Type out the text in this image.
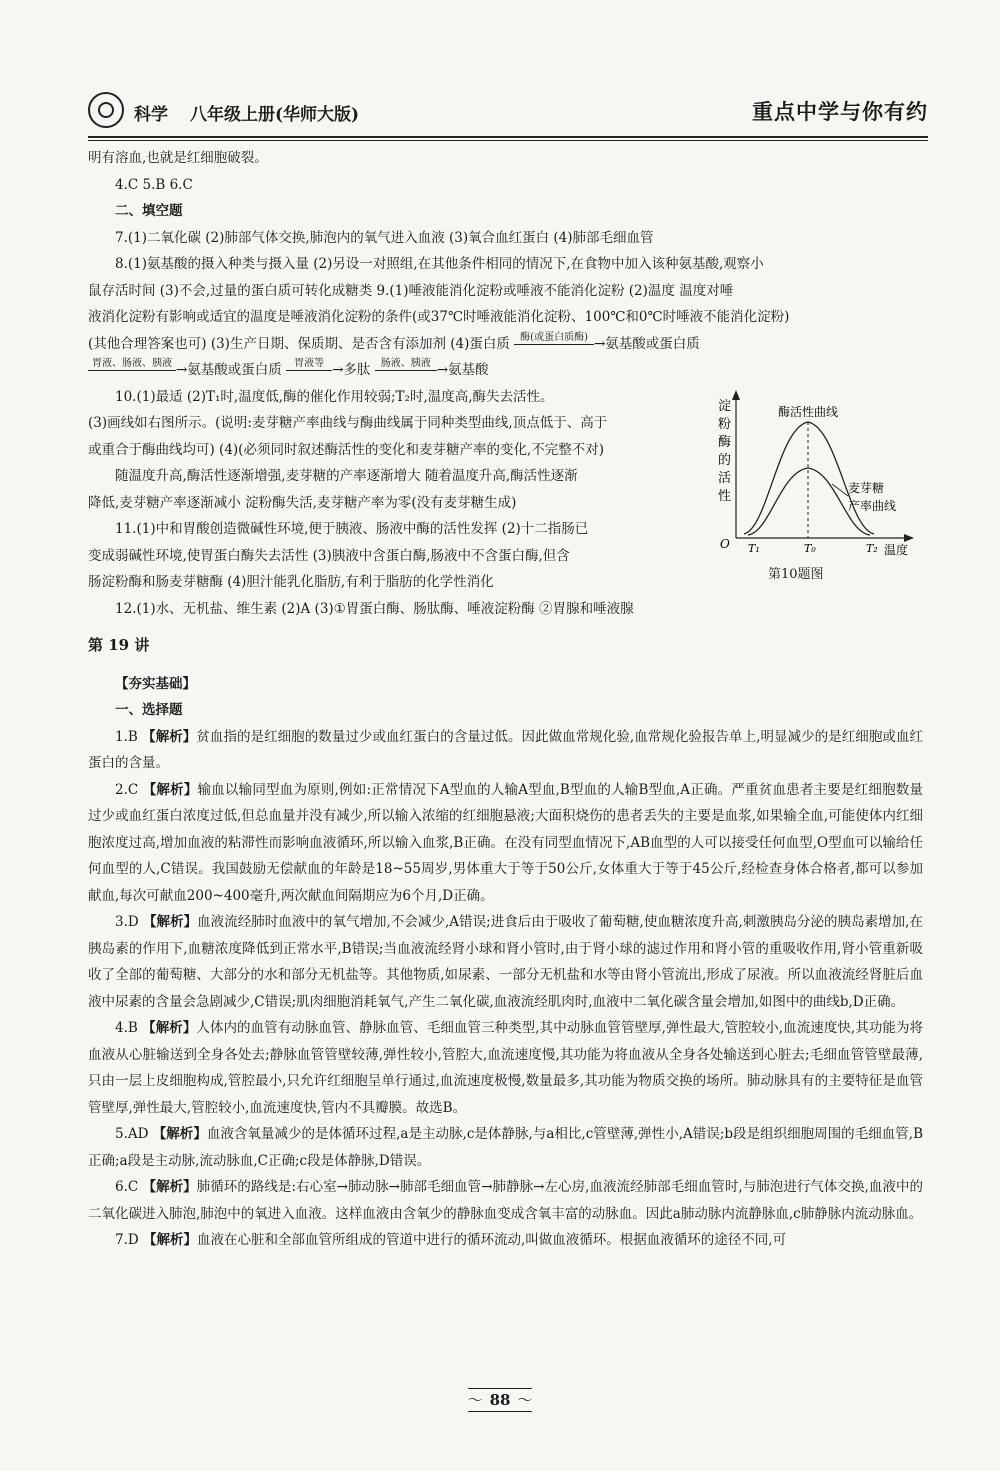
科学 八年级上册(华师大版)	重点中学与你有约

明有溶血,也就是红细胞破裂。

4.C 5.B 6.C

二、填空题

7.(1)二氧化碳 (2)肺部气体交换,肺泡内的氧气进入血液 (3)氧合血红蛋白 (4)肺部毛细血管

8.(1)氨基酸的摄入种类与摄入量 (2)另设一对照组,在其他条件相同的情况下,在食物中加入该种氨基酸,观察小

鼠存活时间 (3)不会,过量的蛋白质可转化成糖类 9.(1)唾液能消化淀粉或唾液不能消化淀粉 (2)温度 温度对唾

液消化淀粉有影响或适宜的温度是唾液消化淀粉的条件(或37℃时唾液能消化淀粉、100℃和0℃时唾液不能消化淀粉)

(其他合理答案也可) (3)生产日期、保质期、是否含有添加剂 (4)蛋白质 酶(或蛋白质酶) →氨基酸或蛋白质

胃液、肠液、胰液 →氨基酸或蛋白质 胃液等 →多肽 肠液、胰液 →氨基酸

淀
粉
酶
的
活
性
酶活性曲线
麦芽糖
产率曲线
O T₁	T₀	T₂ 温度
第10题图

10.(1)最适 (2)T₁时,温度低,酶的催化作用较弱;T₂时,温度高,酶失去活性。

(3)画线如右图所示。(说明:麦芽糖产率曲线与酶曲线属于同种类型曲线,顶点低于、高于

或重合于酶曲线均可) (4)(必须同时叙述酶活性的变化和麦芽糖产率的变化,不完整不对)

随温度升高,酶活性逐渐增强,麦芽糖的产率逐渐增大 随着温度升高,酶活性逐渐

降低,麦芽糖产率逐渐减小 淀粉酶失活,麦芽糖产率为零(没有麦芽糖生成)

11.(1)中和胃酸创造微碱性环境,便于胰液、肠液中酶的活性发挥 (2)十二指肠已

变成弱碱性环境,使胃蛋白酶失去活性 (3)胰液中含蛋白酶,肠液中不含蛋白酶,但含

肠淀粉酶和肠麦芽糖酶 (4)胆汁能乳化脂肪,有利于脂肪的化学性消化

12.(1)水、无机盐、维生素 (2)A (3)①胃蛋白酶、肠肽酶、唾液淀粉酶 ②胃腺和唾液腺

第 19 讲

【夯实基础】

一、选择题

1.B 【解析】贫血指的是红细胞的数量过少或血红蛋白的含量过低。因此做血常规化验,血常规化验报告单上,明显减少的是红细胞或血红蛋白的含量。

2.C 【解析】输血以输同型血为原则,例如:正常情况下A型血的人输A型血,B型血的人输B型血,A正确。严重贫血患者主要是红细胞数量过少或血红蛋白浓度过低,但总血量并没有减少,所以输入浓缩的红细胞悬液;大面积烧伤的患者丢失的主要是血浆,如果输全血,可能使体内红细胞浓度过高,增加血液的粘滞性而影响血液循环,所以输入血浆,B正确。在没有同型血情况下,AB血型的人可以接受任何血型,O型血可以输给任何血型的人,C错误。我国鼓励无偿献血的年龄是18~55周岁,男体重大于等于50公斤,女体重大于等于45公斤,经检查身体合格者,都可以参加献血,每次可献血200~400毫升,两次献血间隔期应为6个月,D正确。

3.D 【解析】血液流经肺时血液中的氧气增加,不会减少,A错误;进食后由于吸收了葡萄糖,使血糖浓度升高,刺激胰岛分泌的胰岛素增加,在胰岛素的作用下,血糖浓度降低到正常水平,B错误;当血液流经肾小球和肾小管时,由于肾小球的滤过作用和肾小管的重吸收作用,肾小管重新吸收了全部的葡萄糖、大部分的水和部分无机盐等。其他物质,如尿素、一部分无机盐和水等由肾小管流出,形成了尿液。所以血液流经肾脏后血液中尿素的含量会急剧减少,C错误;肌肉细胞消耗氧气,产生二氧化碳,血液流经肌肉时,血液中二氧化碳含量会增加,如图中的曲线b,D正确。

4.B 【解析】人体内的血管有动脉血管、静脉血管、毛细血管三种类型,其中动脉血管管壁厚,弹性最大,管腔较小,血流速度快,其功能为将血液从心脏输送到全身各处去;静脉血管管壁较薄,弹性较小,管腔大,血流速度慢,其功能为将血液从全身各处输送到心脏去;毛细血管管壁最薄,只由一层上皮细胞构成,管腔最小,只允许红细胞呈单行通过,血流速度极慢,数量最多,其功能为物质交换的场所。肺动脉具有的主要特征是血管管壁厚,弹性最大,管腔较小,血流速度快,管内不具瓣膜。故选B。

5.AD 【解析】血液含氧量减少的是体循环过程,a是主动脉,c是体静脉,与a相比,c管壁薄,弹性小,A错误;b段是组织细胞周围的毛细血管,B正确;a段是主动脉,流动脉血,C正确;c段是体静脉,D错误。

6.C 【解析】肺循环的路线是:右心室→肺动脉→肺部毛细血管→肺静脉→左心房,血液流经肺部毛细血管时,与肺泡进行气体交换,血液中的二氧化碳进入肺泡,肺泡中的氧进入血液。这样血液由含氧少的静脉血变成含氧丰富的动脉血。因此a肺动脉内流静脉血,c肺静脉内流动脉血。

7.D 【解析】血液在心脏和全部血管所组成的管道中进行的循环流动,叫做血液循环。根据血液循环的途径不同,可

〜 88 〜
